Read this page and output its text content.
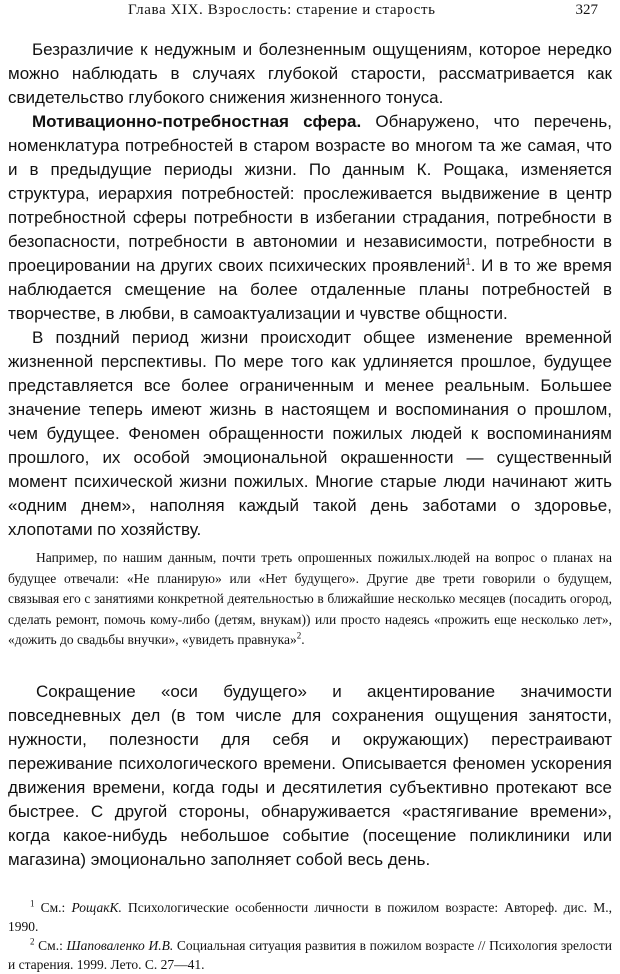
Глава XIX. Взрослость: старение и старость	327

Безразличие к недужным и болезненным ощущениям, которое нередко можно наблюдать в случаях глубокой старости, рассматривается как свидетельство глубокого снижения жизненного тонуса.

Мотивационно-потребностная сфера. Обнаружено, что перечень, номенклатура потребностей в старом возрасте во многом та же самая, что и в предыдущие периоды жизни. По данным К. Рощака, изменяется структура, иерархия потребностей: прослеживается выдвижение в центр потребностной сферы потребности в избегании страдания, потребности в безопасности, потребности в автономии и независимости, потребности в проецировании на других своих психических проявлений$^1$. И в то же время наблюдается смещение на более отдаленные планы потребностей в творчестве, в любви, в самоактуализации и чувстве общности.

В поздний период жизни происходит общее изменение временной жизненной перспективы. По мере того как удлиняется прошлое, будущее представляется все более ограниченным и менее реальным. Большее значение теперь имеют жизнь в настоящем и воспоминания о прошлом, чем будущее. Феномен обращенности пожилых людей к воспоминаниям прошлого, их особой эмоциональной окрашенности — существенный момент психической жизни пожилых. Многие старые люди начинают жить «одним днем», наполняя каждый такой день заботами о здоровье, хлопотами по хозяйству.

Например, по нашим данным, почти треть опрошенных пожилых.людей на вопрос о планах на будущее отвечали: «Не планирую» или «Нет будущего». Другие две трети говорили о будущем, связывая его с занятиями конкретной деятельностью в ближайшие несколько месяцев (посадить огород, сделать ремонт, помочь кому-либо (детям, внукам)) или просто надеясь «прожить еще несколько лет», «дожить до свадьбы внучки», «увидеть правнука»$^2$.

Сокращение «оси будущего» и акцентирование значимости повседневных дел (в том числе для сохранения ощущения занятости, нужности, полезности для себя и окружающих) перестраивают переживание психологического времени. Описывается феномен ускорения движения времени, когда годы и десятилетия субъективно протекают все быстрее. С другой стороны, обнаруживается «растягивание времени», когда какое-нибудь небольшое событие (посещение поликлиники или магазина) эмоционально заполняет собой весь день.

$^1$ См.: РощакК. Психологические особенности личности в пожилом возрасте: Автореф. дис. М., 1990.

$^2$ См.: Шаповаленко И.В. Социальная ситуация развития в пожилом возрасте // Психология зрелости и старения. 1999. Лето. С. 27—41.
